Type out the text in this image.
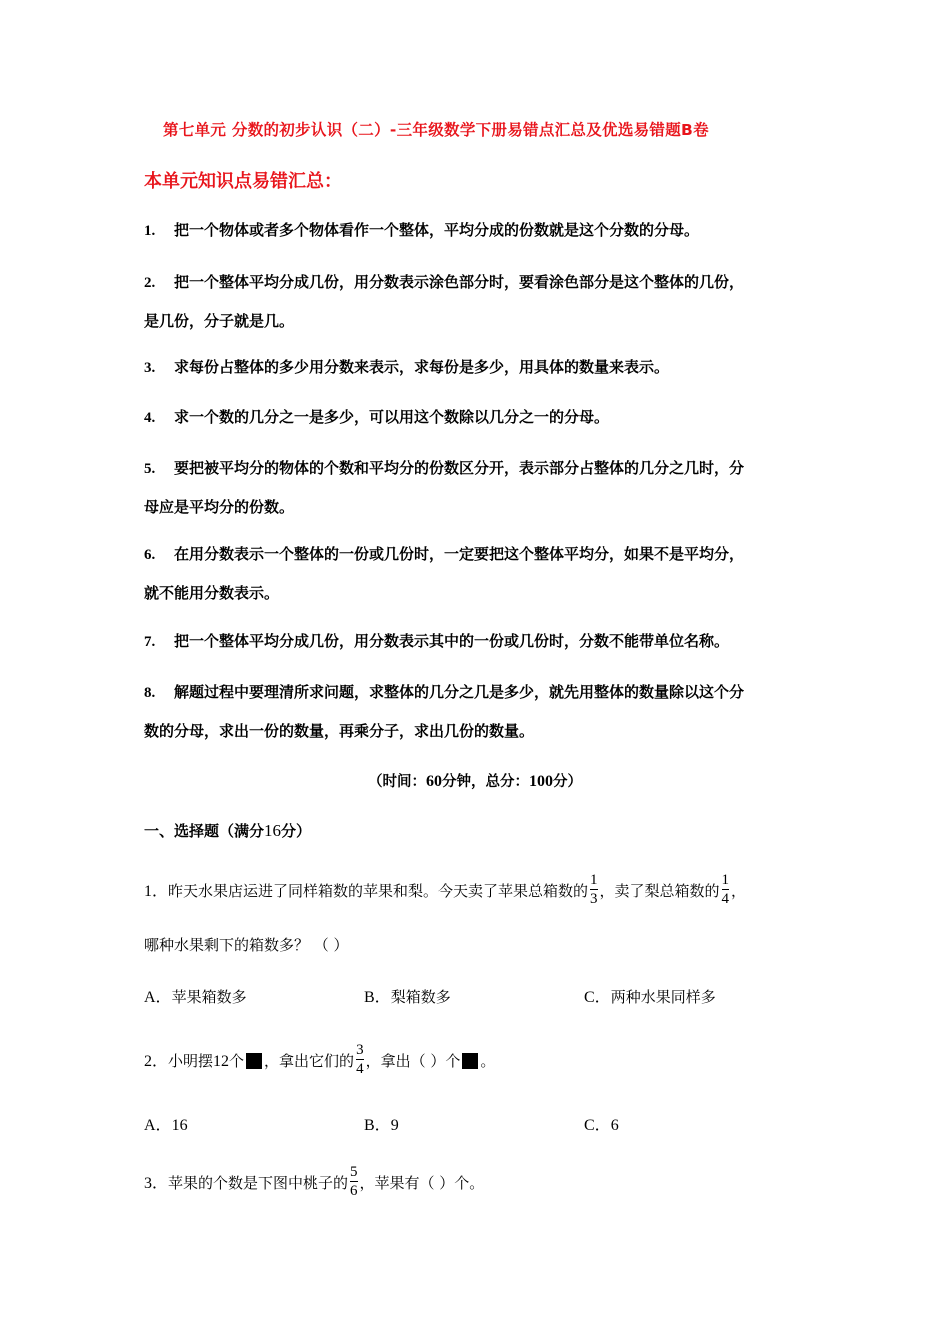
第七单元 分数的初步认识（二）-三年级数学下册易错点汇总及优选易错题B卷
本单元知识点易错汇总：
1. 把一个物体或者多个物体看作一个整体，平均分成的份数就是这个分数的分母。
2. 把一个整体平均分成几份，用分数表示涂色部分时，要看涂色部分是这个整体的几份，
是几份，分子就是几。
3. 求每份占整体的多少用分数来表示，求每份是多少，用具体的数量来表示。
4. 求一个数的几分之一是多少，可以用这个数除以几分之一的分母。
5. 要把被平均分的物体的个数和平均分的份数区分开，表示部分占整体的几分之几时，分
母应是平均分的份数。
6. 在用分数表示一个整体的一份或几份时，一定要把这个整体平均分，如果不是平均分，
就不能用分数表示。
7. 把一个整体平均分成几份，用分数表示其中的一份或几份时，分数不能带单位名称。
8. 解题过程中要理清所求问题，求整体的几分之几是多少，就先用整体的数量除以这个分
数的分母，求出一份的数量，再乘分子，求出几份的数量。
（时间：60分钟，总分：100分）
一、选择题（满分16分）
1．昨天水果店运进了同样箱数的苹果和梨。今天卖了苹果总箱数的 $\frac{1}{3}$ ，卖了梨总箱数的 $\frac{1}{4}$ ，
哪种水果剩下的箱数多？ （ ）
A．苹果箱数多	B．梨箱数多	C．两种水果同样多
2．小明摆12个 ，拿出它们的 $\frac{3}{4}$ ，拿出（ ）个 。
A．16	B．9	C．6
3．苹果的个数是下图中桃子的 $\frac{5}{6}$ ，苹果有（ ）个。
